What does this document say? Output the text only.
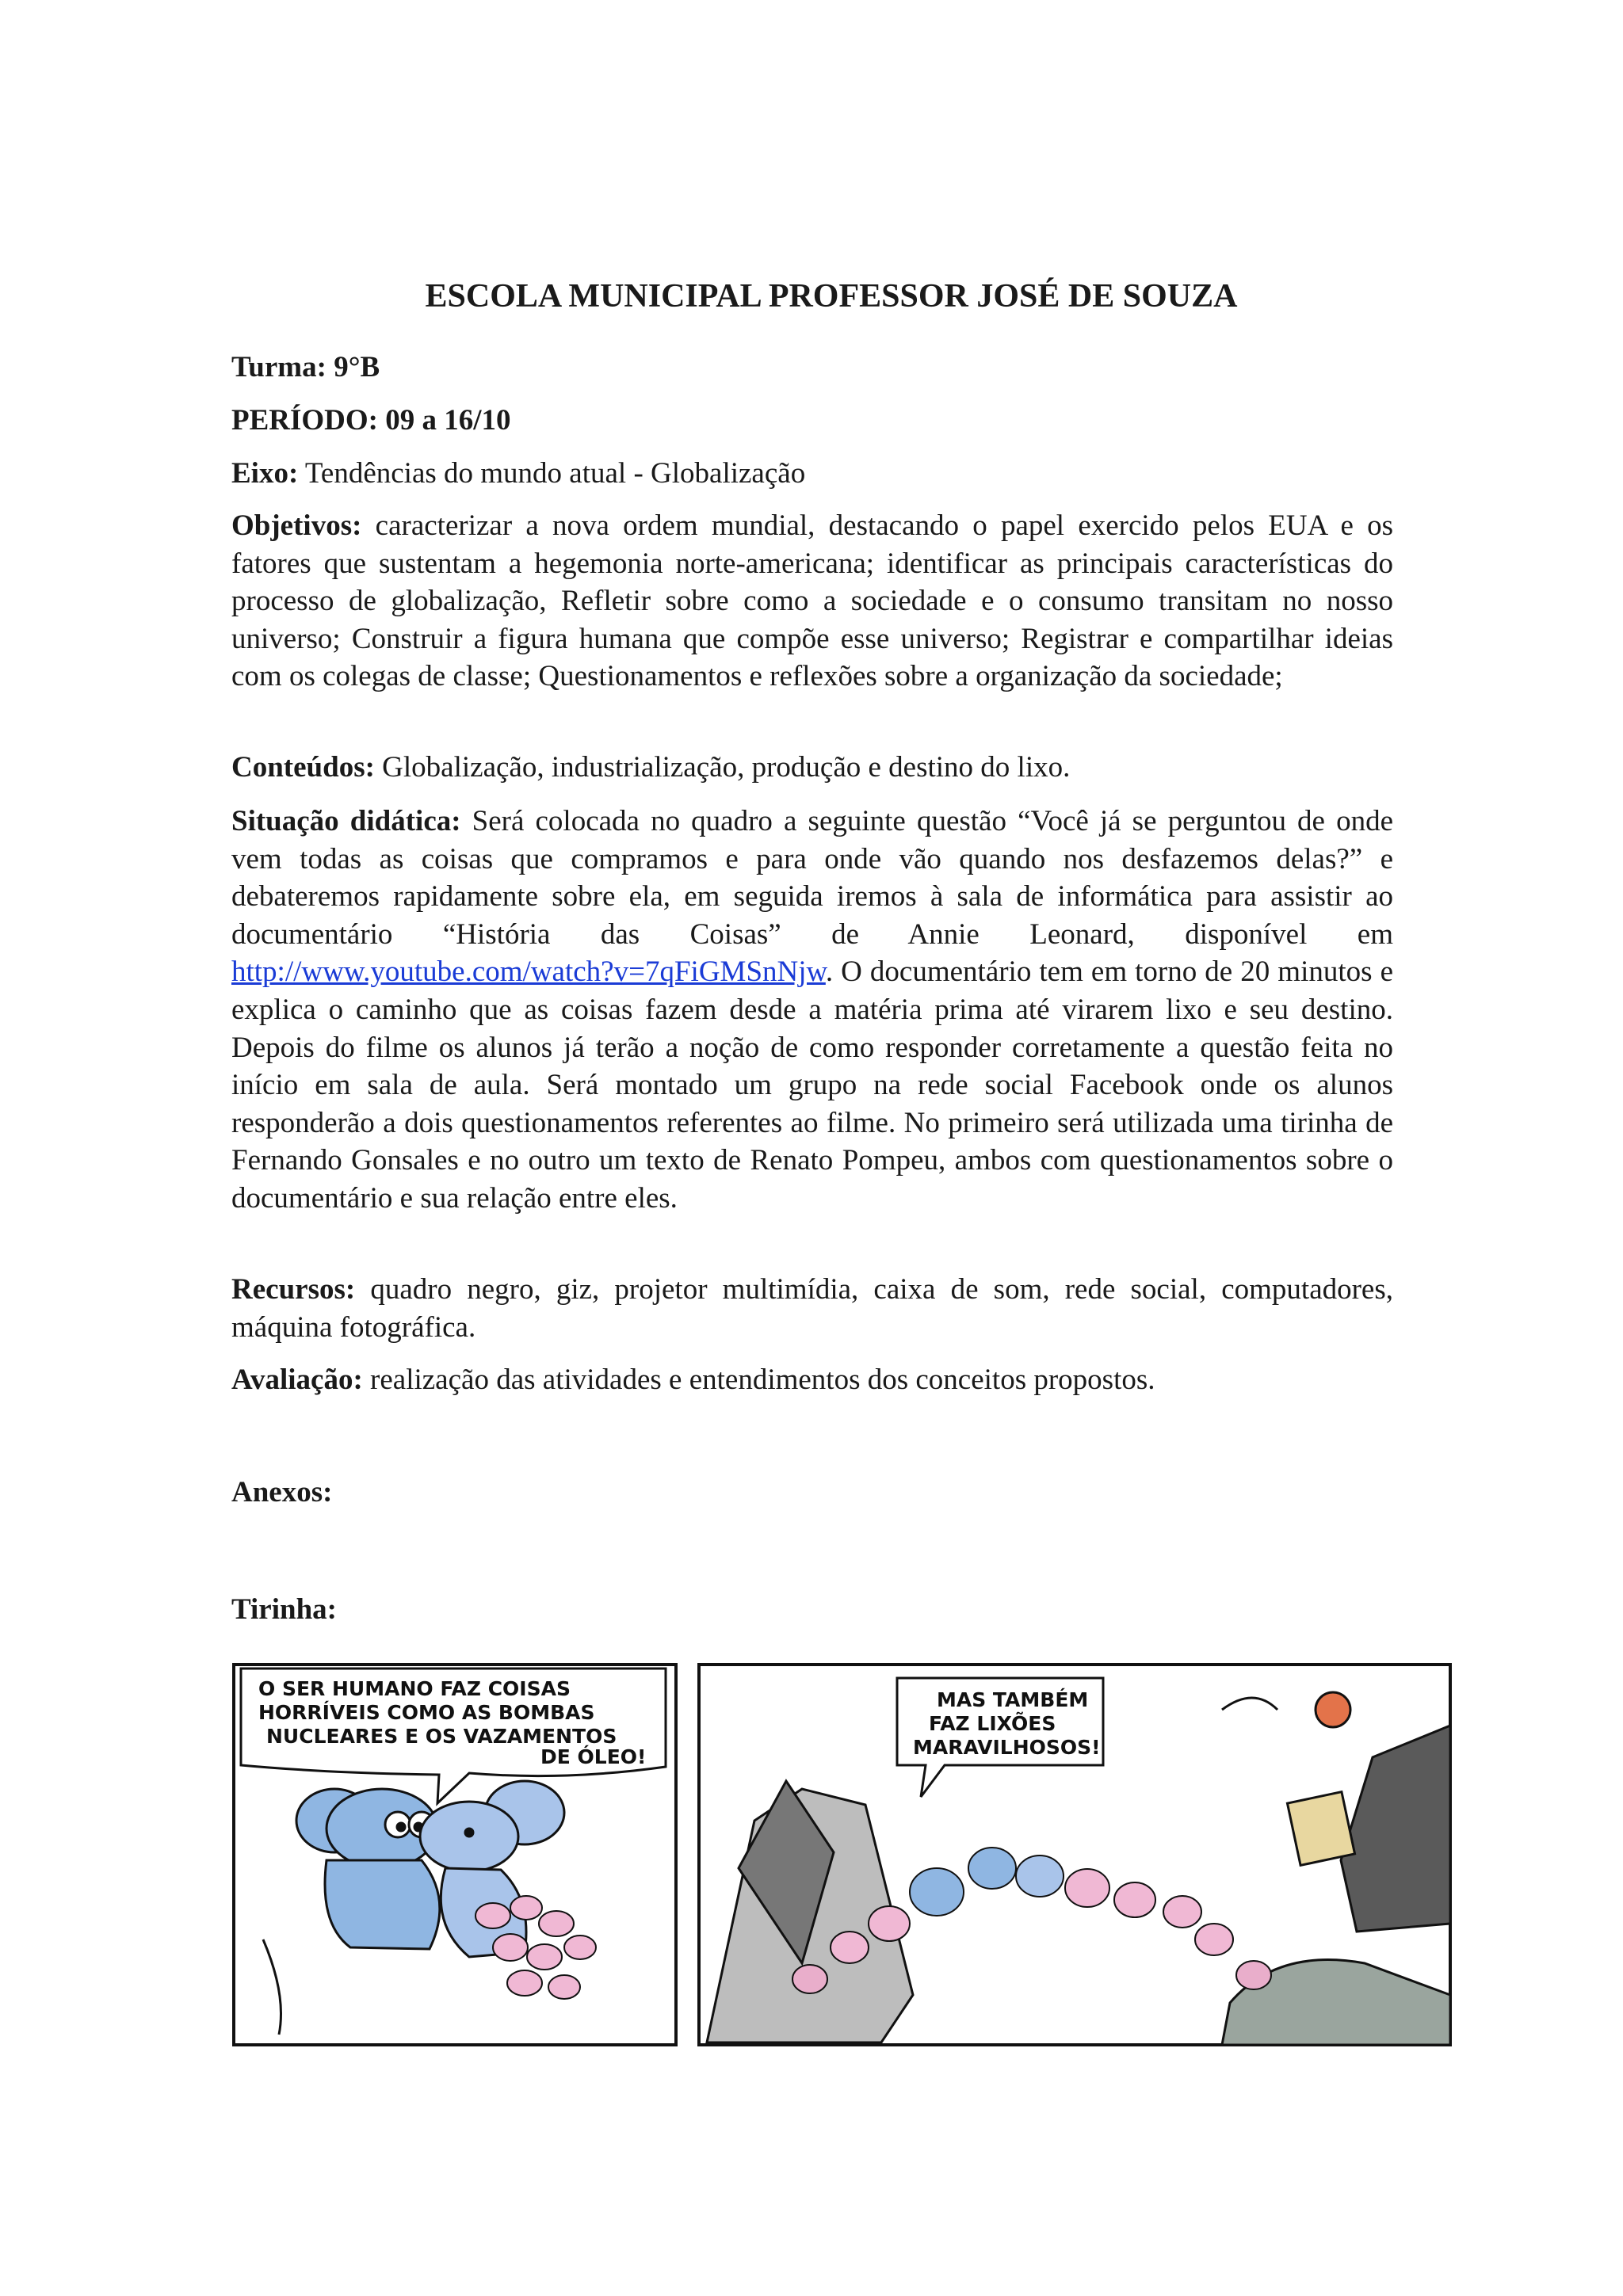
ESCOLA MUNICIPAL PROFESSOR JOSÉ DE SOUZA
Turma: 9°B
PERÍODO: 09 a 16/10
Eixo: Tendências do mundo atual - Globalização
Objetivos: caracterizar a nova ordem mundial, destacando o papel exercido pelos EUA e os fatores que sustentam a hegemonia norte-americana; identificar as principais características do processo de globalização, Refletir sobre como a sociedade e o consumo transitam no nosso universo; Construir a figura humana que compõe esse universo; Registrar e compartilhar ideias com os colegas de classe; Questionamentos e reflexões sobre a organização da sociedade;
Conteúdos: Globalização, industrialização, produção e destino do lixo.
Situação didática: Será colocada no quadro a seguinte questão “Você já se perguntou de onde vem todas as coisas que compramos e para onde vão quando nos desfazemos delas?” e debateremos rapidamente sobre ela, em seguida iremos à sala de informática para assistir ao documentário “História das Coisas” de Annie Leonard, disponível em http://www.youtube.com/watch?v=7qFiGMSnNjw. O documentário tem em torno de 20 minutos e explica o caminho que as coisas fazem desde a matéria prima até virarem lixo e seu destino. Depois do filme os alunos já terão a noção de como responder corretamente a questão feita no início em sala de aula. Será montado um grupo na rede social Facebook onde os alunos responderão a dois questionamentos referentes ao filme. No primeiro será utilizada uma tirinha de Fernando Gonsales e no outro um texto de Renato Pompeu, ambos com questionamentos sobre o documentário e sua relação entre eles.
Recursos: quadro negro, giz, projetor multimídia, caixa de som, rede social, computadores, máquina fotográfica.
Avaliação: realização das atividades e entendimentos dos conceitos propostos.
Anexos:
Tirinha:
O SER HUMANO FAZ COISAS
HORRÍVEIS COMO AS BOMBAS
NUCLEARES E OS VAZAMENTOS
DE ÓLEO!
MAS TAMBÉM
FAZ LIXÕES
MARAVILHOSOS!
